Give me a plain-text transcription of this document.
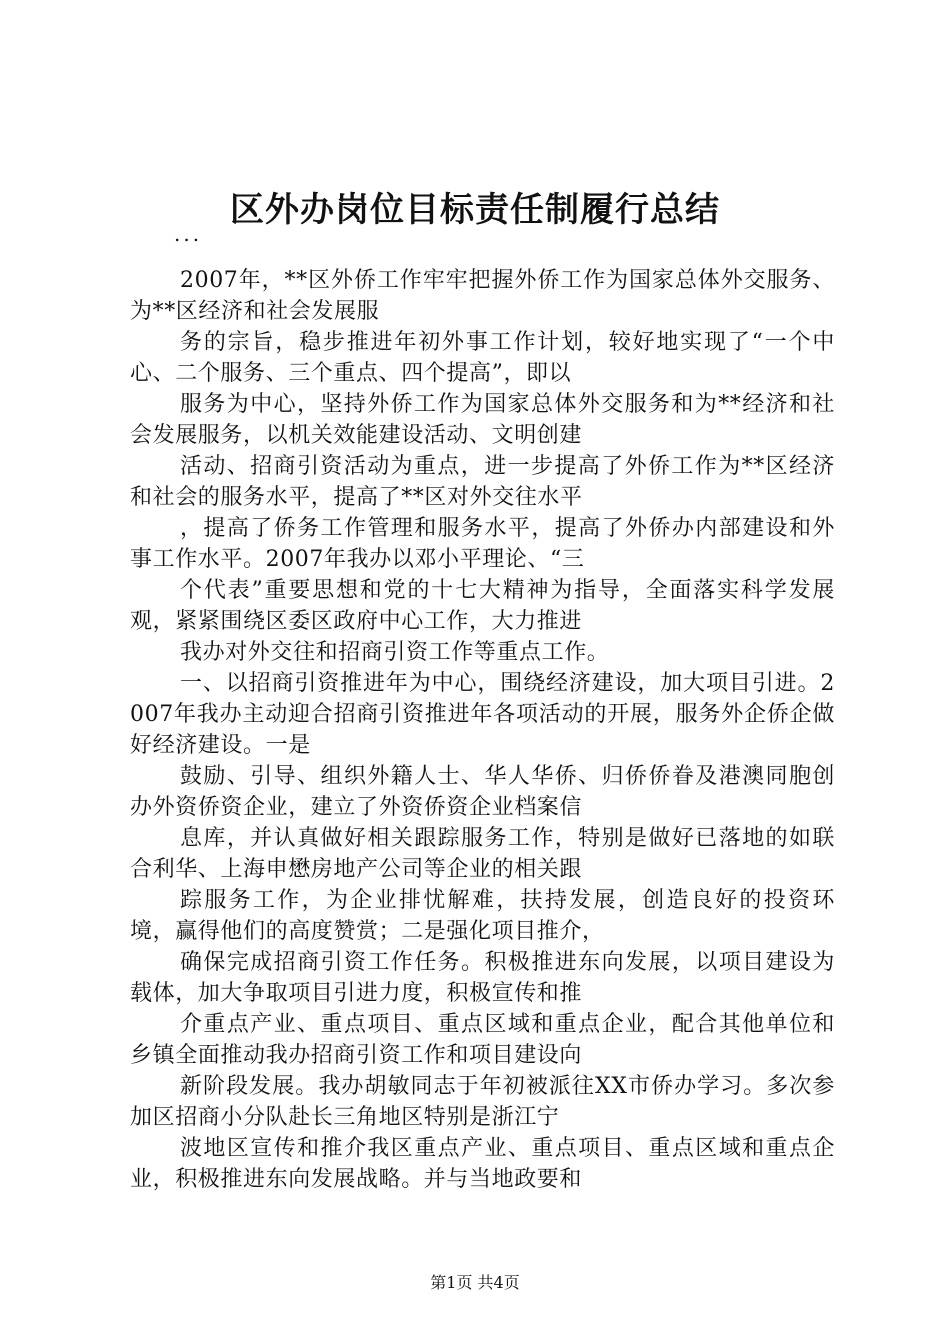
区外办岗位目标责任制履行总结
...

2007年，**区外侨工作牢牢把握外侨工作为国家总体外交服务、为**区经济和社会发展服

务的宗旨，稳步推进年初外事工作计划，较好地实现了“一个中心、二个服务、三个重点、四个提高”，即以

服务为中心，坚持外侨工作为国家总体外交服务和为**经济和社会发展服务，以机关效能建设活动、文明创建

活动、招商引资活动为重点，进一步提高了外侨工作为**区经济和社会的服务水平，提高了**区对外交往水平

，提高了侨务工作管理和服务水平，提高了外侨办内部建设和外事工作水平。2007年我办以邓小平理论、“三

个代表”重要思想和党的十七大精神为指导，全面落实科学发展观，紧紧围绕区委区政府中心工作，大力推进

我办对外交往和招商引资工作等重点工作。

一、以招商引资推进年为中心，围绕经济建设，加大项目引进。2007年我办主动迎合招商引资推进年各项活动的开展，服务外企侨企做好经济建设。一是

鼓励、引导、组织外籍人士、华人华侨、归侨侨眷及港澳同胞创办外资侨资企业，建立了外资侨资企业档案信

息库，并认真做好相关跟踪服务工作，特别是做好已落地的如联合利华、上海申懋房地产公司等企业的相关跟

踪服务工作，为企业排忧解难，扶持发展，创造良好的投资环境，赢得他们的高度赞赏；二是强化项目推介，

确保完成招商引资工作任务。积极推进东向发展，以项目建设为载体，加大争取项目引进力度，积极宣传和推

介重点产业、重点项目、重点区域和重点企业，配合其他单位和乡镇全面推动我办招商引资工作和项目建设向

新阶段发展。我办胡敏同志于年初被派往XX市侨办学习。多次参加区招商小分队赴长三角地区特别是浙江宁

波地区宣传和推介我区重点产业、重点项目、重点区域和重点企业，积极推进东向发展战略。并与当地政要和

第1页 共4页
